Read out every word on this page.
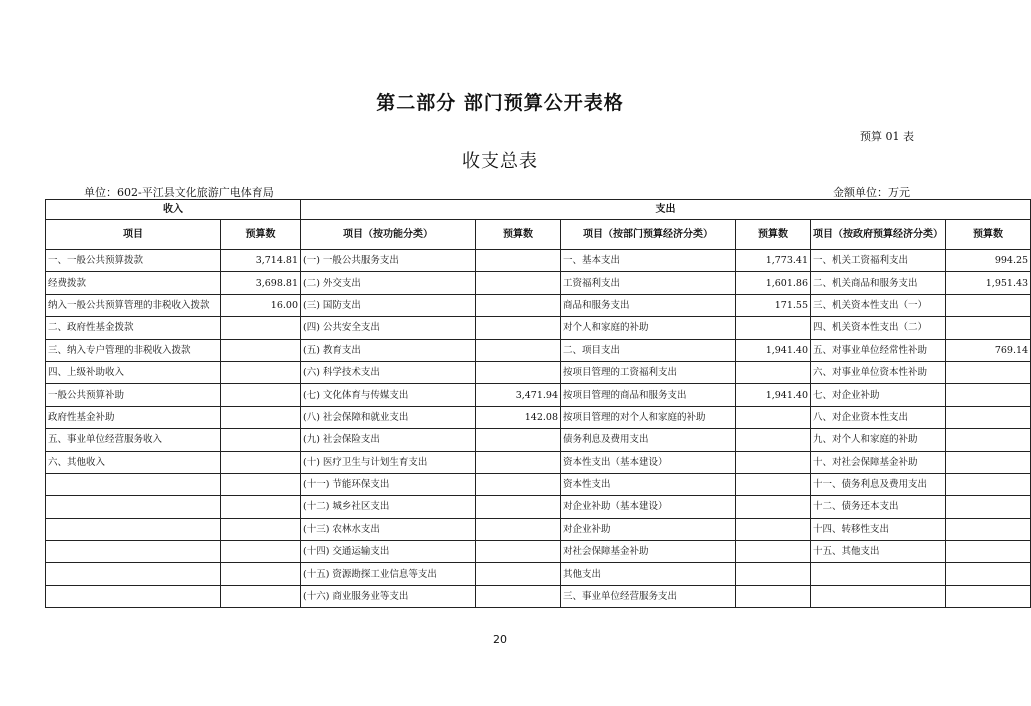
第二部分 部门预算公开表格
预算 01 表
收支总表
单位：602-平江县文化旅游广电体育局	金额单位：万元
收入		支出					
项目	预算数	项目（按功能分类）	预算数	项目（按部门预算经济分类）	预算数	项目（按政府预算经济分类）	预算数
一、一般公共预算拨款	3,714.81	(一) 一般公共服务支出		一、基本支出	1,773.41	一、机关工资福利支出	994.25
经费拨款	3,698.81	(二) 外交支出		工资福利支出	1,601.86	二、机关商品和服务支出	1,951.43
纳入一般公共预算管理的非税收入拨款	16.00	(三) 国防支出		商品和服务支出	171.55	三、机关资本性支出（一）	
二、政府性基金拨款		(四) 公共安全支出		对个人和家庭的补助		四、机关资本性支出（二）	
三、纳入专户管理的非税收入拨款		(五) 教育支出		二、项目支出	1,941.40	五、对事业单位经常性补助	769.14
四、上级补助收入		(六) 科学技术支出		按项目管理的工资福利支出		六、对事业单位资本性补助	
一般公共预算补助		(七) 文化体育与传媒支出	3,471.94	按项目管理的商品和服务支出	1,941.40	七、对企业补助	
政府性基金补助		(八) 社会保障和就业支出	142.08	按项目管理的对个人和家庭的补助		八、对企业资本性支出	
五、事业单位经营服务收入		(九) 社会保险支出		债务利息及费用支出		九、对个人和家庭的补助	
六、其他收入		(十) 医疗卫生与计划生育支出		资本性支出（基本建设）		十、对社会保障基金补助	
		(十一) 节能环保支出		资本性支出		十一、债务利息及费用支出	
		(十二) 城乡社区支出		对企业补助（基本建设）		十二、债务还本支出	
		(十三) 农林水支出		对企业补助		十四、转移性支出	
		(十四) 交通运输支出		对社会保障基金补助		十五、其他支出	
		(十五) 资源勘探工业信息等支出		其他支出			
		(十六) 商业服务业等支出		三、事业单位经营服务支出			
20
